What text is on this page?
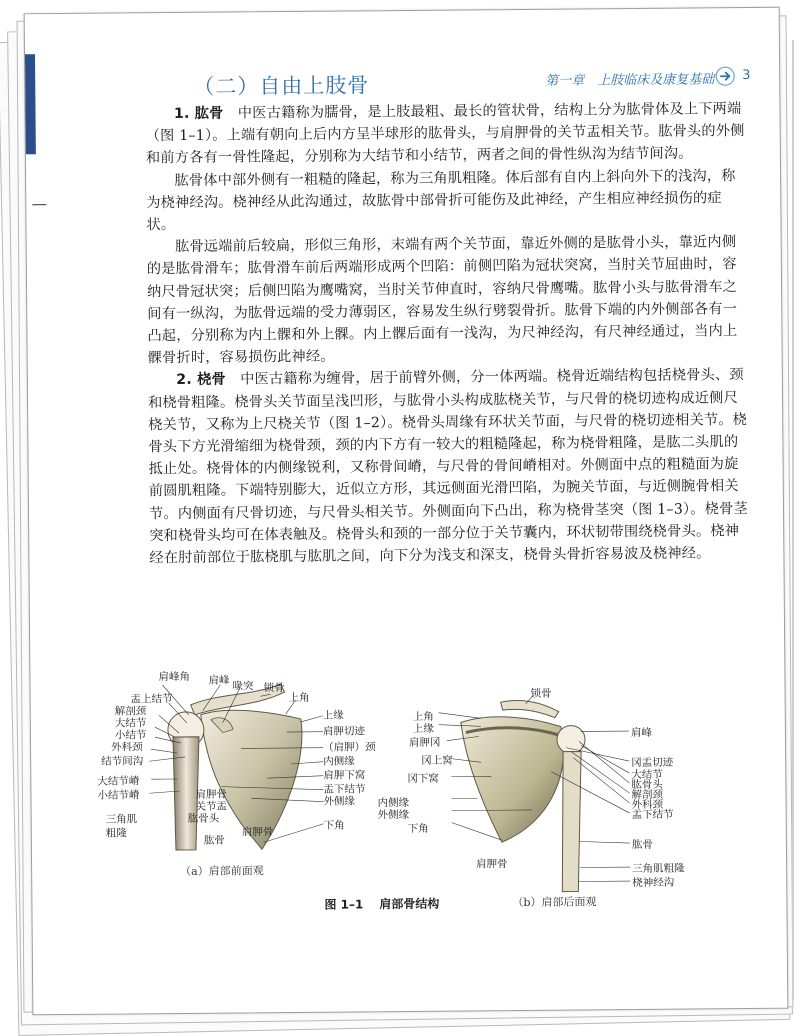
（二）自由上肢骨	第一章　上肢临床及康复基础 3

1. 肱骨　中医古籍称为臑骨，是上肢最粗、最长的管状骨，结构上分为肱骨体及上下两端（图 1–1）。上端有朝向上后内方呈半球形的肱骨头，与肩胛骨的关节盂相关节。肱骨头的外侧和前方各有一骨性隆起，分别称为大结节和小结节，两者之间的骨性纵沟为结节间沟。

肱骨体中部外侧有一粗糙的隆起，称为三角肌粗隆。体后部有自内上斜向外下的浅沟，称为桡神经沟。桡神经从此沟通过，故肱骨中部骨折可能伤及此神经，产生相应神经损伤的症状。

肱骨远端前后较扁，形似三角形，末端有两个关节面，靠近外侧的是肱骨小头，靠近内侧的是肱骨滑车；肱骨滑车前后两端形成两个凹陷：前侧凹陷为冠状突窝，当肘关节屈曲时，容纳尺骨冠状突；后侧凹陷为鹰嘴窝，当肘关节伸直时，容纳尺骨鹰嘴。肱骨小头与肱骨滑车之间有一纵沟，为肱骨远端的受力薄弱区，容易发生纵行劈裂骨折。肱骨下端的内外侧部各有一凸起，分别称为内上髁和外上髁。内上髁后面有一浅沟，为尺神经沟，有尺神经通过，当内上髁骨折时，容易损伤此神经。

2. 桡骨　中医古籍称为缠骨，居于前臂外侧，分一体两端。桡骨近端结构包括桡骨头、颈和桡骨粗隆。桡骨头关节面呈浅凹形，与肱骨小头构成肱桡关节，与尺骨的桡切迹构成近侧尺桡关节，又称为上尺桡关节（图 1–2）。桡骨头周缘有环状关节面，与尺骨的桡切迹相关节。桡骨头下方光滑缩细为桡骨颈，颈的内下方有一较大的粗糙隆起，称为桡骨粗隆，是肱二头肌的抵止处。桡骨体的内侧缘锐利，又称骨间嵴，与尺骨的骨间嵴相对。外侧面中点的粗糙面为旋前圆肌粗隆。下端特别膨大，近似立方形，其远侧面光滑凹陷，为腕关节面，与近侧腕骨相关节。内侧面有尺骨切迹，与尺骨头相关节。外侧面向下凸出，称为桡骨茎突（图 1–3）。桡骨茎突和桡骨头均可在体表触及。桡骨头和颈的一部分位于关节囊内，环状韧带围绕桡骨头。桡神经在肘前部位于肱桡肌与肱肌之间，向下分为浅支和深支，桡骨头骨折容易波及桡神经。

肩峰角 肩峰 喙突 锁骨
上角
盂上结节
解剖颈
大结节
小结节
外科颈
结节间沟
上缘
肩胛切迹
（肩胛）颈
内侧缘
肩胛下窝
盂下结节
外侧缘
大结节嵴
小结节嵴	肩胛骨
关节盂
肱骨头
三角肌
粗隆
肱骨
肩胛骨
下角
锁骨
上角
上缘
肩胛冈
肩峰
冈上窝	冈盂切迹
大结节
肱骨头
解剖颈
外科颈
盂下结节
冈下窝
内侧缘
外侧缘
下角
肱骨
肩胛骨	三角肌粗隆
桡神经沟
（a）肩部前面观
图 1–1 肩部骨结构	（b）肩部后面观
